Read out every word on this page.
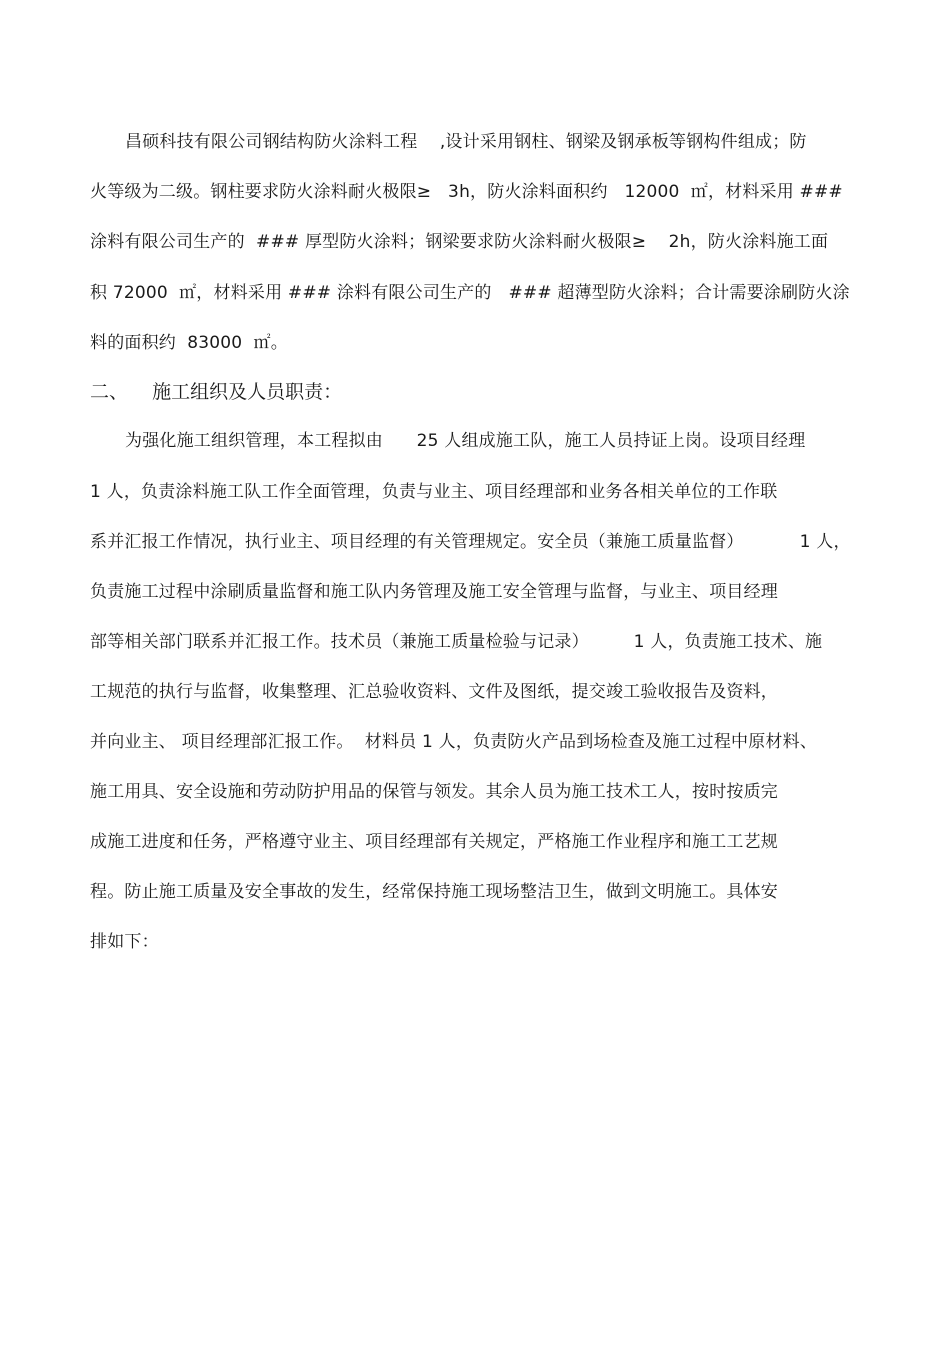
昌硕科技有限公司钢结构防火涂料工程    ,设计采用钢柱、钢梁及钢承板等钢构件组成；防
火等级为二级。钢柱要求防火涂料耐火极限≥   3h，防火涂料面积约   12000  ㎡，材料采用 ###
涂料有限公司生产的  ### 厚型防火涂料；钢梁要求防火涂料耐火极限≥    2h，防火涂料施工面
积 72000  ㎡，材料采用 ### 涂料有限公司生产的   ### 超薄型防火涂料；合计需要涂刷防火涂
料的面积约  83000  ㎡。
二、    施工组织及人员职责：
为强化施工组织管理，本工程拟由      25 人组成施工队，施工人员持证上岗。设项目经理
1 人，负责涂料施工队工作全面管理，负责与业主、项目经理部和业务各相关单位的工作联
系并汇报工作情况，执行业主、项目经理的有关管理规定。安全员（兼施工质量监督）          1 人，
负责施工过程中涂刷质量监督和施工队内务管理及施工安全管理与监督，与业主、项目经理
部等相关部门联系并汇报工作。技术员（兼施工质量检验与记录）        1 人，负责施工技术、施
工规范的执行与监督，收集整理、汇总验收资料、文件及图纸，提交竣工验收报告及资料，
并向业主、 项目经理部汇报工作。  材料员 1 人，负责防火产品到场检查及施工过程中原材料、
施工用具、安全设施和劳动防护用品的保管与领发。其余人员为施工技术工人，按时按质完
成施工进度和任务，严格遵守业主、项目经理部有关规定，严格施工作业程序和施工工艺规
程。防止施工质量及安全事故的发生，经常保持施工现场整洁卫生，做到文明施工。具体安
排如下：
